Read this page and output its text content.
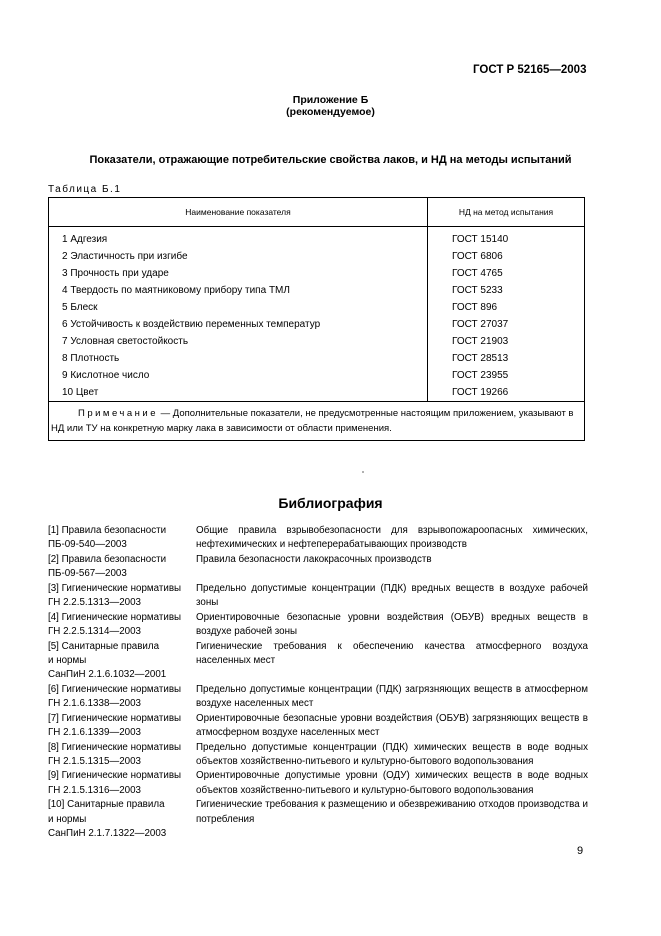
ГОСТ Р 52165—2003
Приложение Б
(рекомендуемое)
Показатели, отражающие потребительские свойства лаков, и НД на методы испытаний
Таблица Б.1
Наименование показателя	НД на метод испытания

1 Адгезия	ГОСТ 15140
2 Эластичность при изгибе	ГОСТ 6806
3 Прочность при ударе	ГОСТ 4765
4 Твердость по маятниковому прибору типа ТМЛ	ГОСТ 5233
5 Блеск	ГОСТ 896
6 Устойчивость к воздействию переменных температур	ГОСТ 27037
7 Условная светостойкость	ГОСТ 21903
8 Плотность	ГОСТ 28513
9 Кислотное число	ГОСТ 23955
10 Цвет	ГОСТ 19266
Примечание — Дополнительные показатели, не предусмотренные настоящим приложением, указывают в НД или ТУ на конкретную марку лака в зависимости от области применения.	
Библиография
[1] Правила безопасности
ПБ-09-540—2003
Общие правила взрывобезопасности для взрывопожароопасных химических, нефтехимических и нефтеперерабатывающих производств
[2] Правила безопасности
ПБ-09-567—2003
Правила безопасности лакокрасочных производств
[3] Гигиенические нормативы
ГН 2.2.5.1313—2003
Предельно допустимые концентрации (ПДК) вредных веществ в воздухе рабочей зоны
[4] Гигиенические нормативы
ГН 2.2.5.1314—2003
Ориентировочные безопасные уровни воздействия (ОБУВ) вредных веществ в воздухе рабочей зоны
[5] Санитарные правила
и нормы
СанПиН 2.1.6.1032—2001
Гигиенические требования к обеспечению качества атмосферного воздуха населенных мест
[6] Гигиенические нормативы
ГН 2.1.6.1338—2003
Предельно допустимые концентрации (ПДК) загрязняющих веществ в атмосферном воздухе населенных мест
[7] Гигиенические нормативы
ГН 2.1.6.1339—2003
Ориентировочные безопасные уровни воздействия (ОБУВ) загрязняющих веществ в атмосферном воздухе населенных мест
[8] Гигиенические нормативы
ГН 2.1.5.1315—2003
Предельно допустимые концентрации (ПДК) химических веществ в воде водных объектов хозяйственно-питьевого и культурно-бытового водопользования
[9] Гигиенические нормативы
ГН 2.1.5.1316—2003
Ориентировочные допустимые уровни (ОДУ) химических веществ в воде водных объектов хозяйственно-питьевого и культурно-бытового водопользования
[10] Санитарные правила
и нормы
СанПиН 2.1.7.1322—2003
Гигиенические требования к размещению и обезвреживанию отходов производства и потребления
9
